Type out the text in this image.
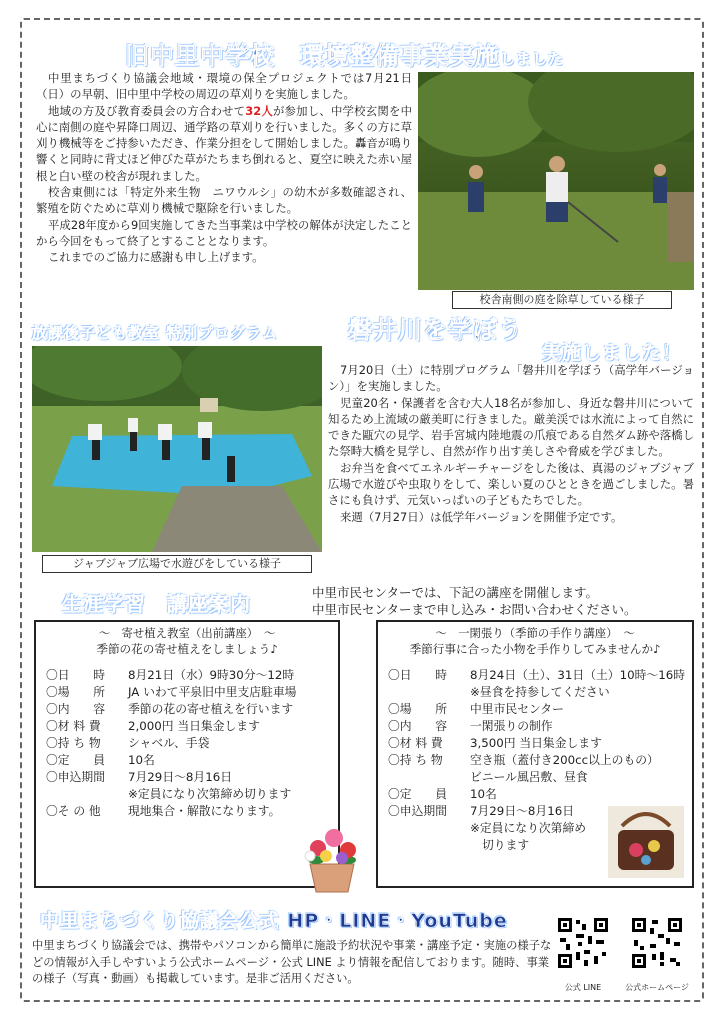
旧中里中学校　環境整備事業実施しました
中里まちづくり協議会地域・環境の保全プロジェクトでは7月21日（日）の早朝、旧中里中学校の周辺の草刈りを実施しました。
地域の方及び教育委員会の方合わせて32人が参加し、中学校玄関を中心に南側の庭や昇降口周辺、通学路の草刈りを行いました。多くの方に草刈り機械等をご持参いただき、作業分担をして開始しました。轟音が鳴り響くと同時に背丈ほど伸びた草がたちまち倒れると、夏空に映えた赤い屋根と白い壁の校舎が現れました。
校舎東側には「特定外来生物　ニワウルシ」の幼木が多数確認され、繁殖を防ぐために草刈り機械で駆除を行いました。
平成28年度から9回実施してきた当事業は中学校の解体が決定したことから今回をもって終了とすることとなります。
これまでのご協力に感謝も申し上げます。
校舎南側の庭を除草している様子
放課後子ども教室 特別プログラム	磐井川を学ぼう
実施しました！
ジャブジャブ広場で水遊びをしている様子
7月20日（土）に特別プログラム「磐井川を学ぼう（高学年バージョン）」を実施しました。
児童20名・保護者を含む大人18名が参加し、身近な磐井川について知るため上流域の厳美町に行きました。厳美渓では水流によって自然にできた甌穴の見学、岩手宮城内陸地震の爪痕である自然ダム跡や落橋した祭畤大橋を見学し、自然が作り出す美しさや脅威を学びました。
お弁当を食べてエネルギーチャージをした後は、真湯のジャブジャブ広場で水遊びや虫取りをして、楽しい夏のひとときを過ごしました。暑さにも負けず、元気いっぱいの子どもたちでした。
来週（7月27日）は低学年バージョンを開催予定です。
生涯学習　講座案内	中里市民センターでは、下記の講座を開催します。
中里市民センターまで申し込み・お問い合わせください。
～　寄せ植え教室（出前講座）　～
季節の花の寄せ植えをしましょう♪
〇日　　時	8月21日（水）9時30分～12時
〇場　　所	JA いわて平泉旧中里支店駐車場
〇内　　容	季節の花の寄せ植えを行います
〇材 料 費	2,000円 当日集金します
〇持 ち 物	シャベル、手袋
〇定　　員	10名
〇申込期間	7月29日～8月16日
※定員になり次第締め切ります
〇そ の 他	現地集合・解散になります。
～　一閑張り（季節の手作り講座）　～
季節行事に合った小物を手作りしてみませんか♪
〇日　　時	8月24日（土）、31日（土）10時～16時
※昼食を持参してください
〇場　　所	中里市民センター
〇内　　容	一閑張りの制作
〇材 料 費	3,500円 当日集金します
〇持 ち 物	空き瓶（蓋付き200cc以上のもの）
ビニール風呂敷、昼食
〇定　　員	10名
〇申込期間	7月29日～8月16日
※定員になり次第締め
切ります
中里まちづくり協議会公式 HP・LINE・YouTube
中里まちづくり協議会では、携帯やパソコンから簡単に施設予約状況や事業・講座予定・実施の様子などの情報が入手しやすいよう公式ホームページ・公式 LINE より情報を配信しております。随時、事業の様子（写真・動画）も掲載しています。是非ご活用ください。
公式 LINE	公式ホームページ
